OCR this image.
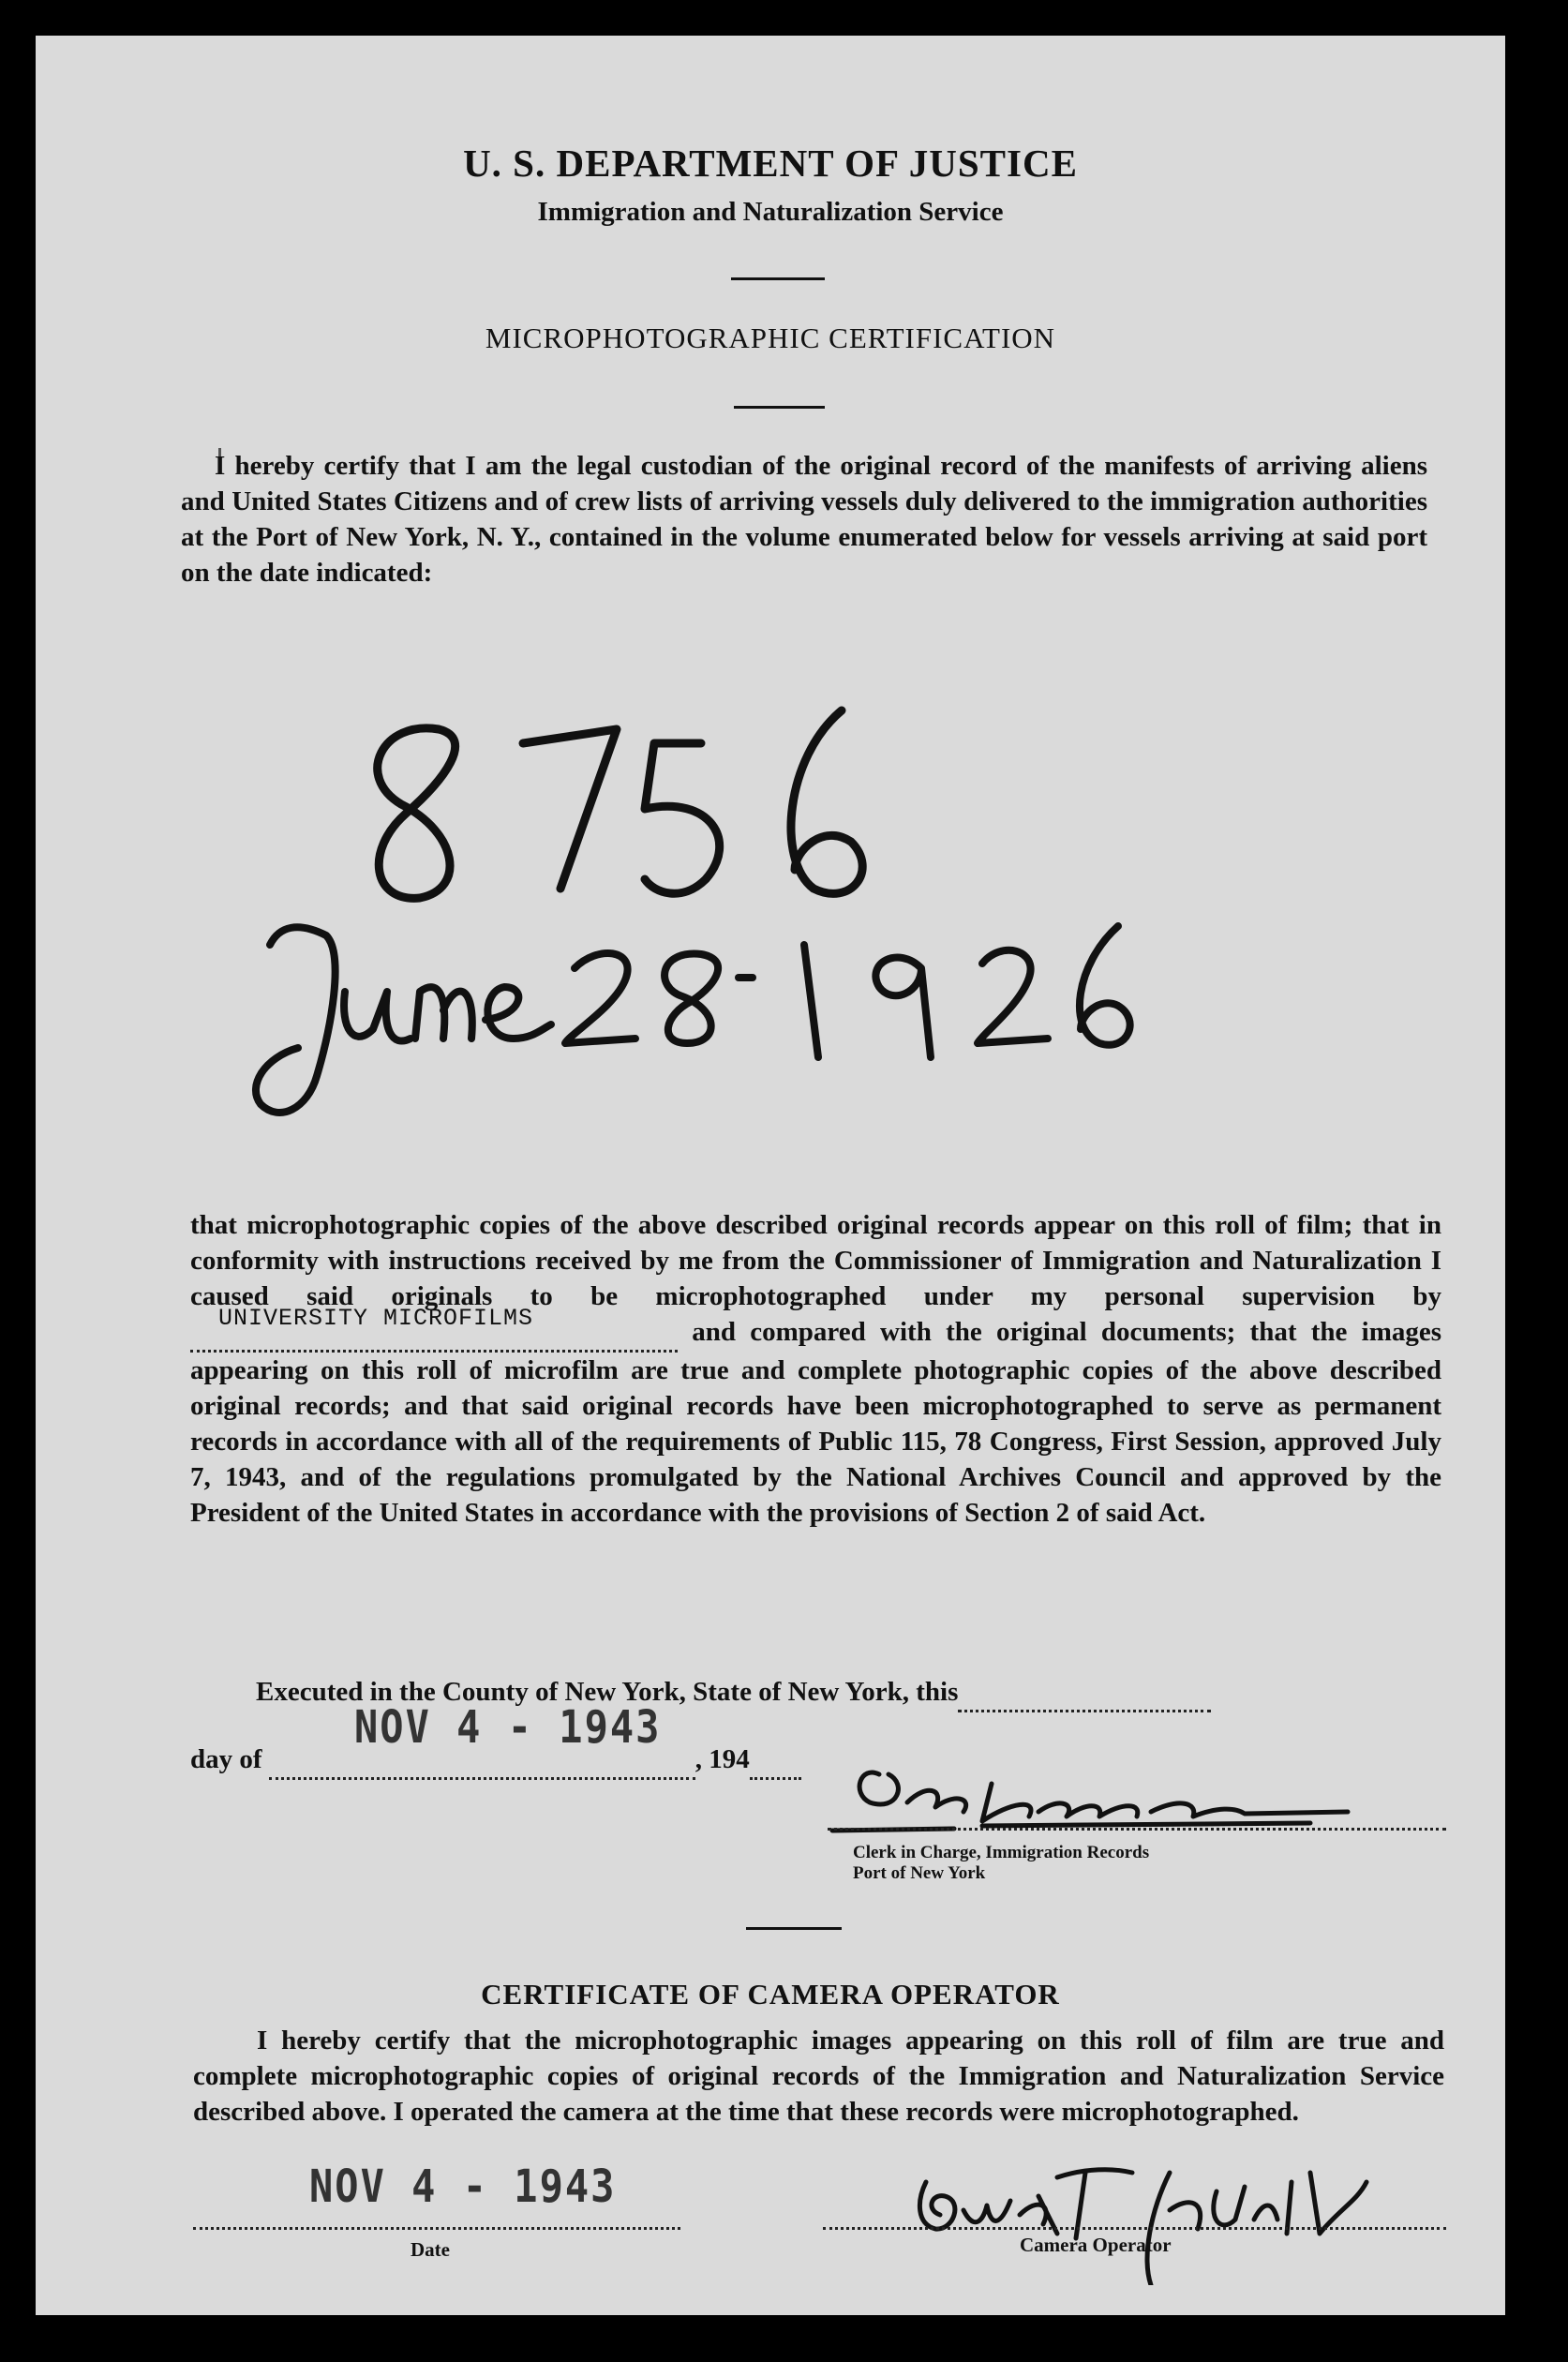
U. S. DEPARTMENT OF JUSTICE
Immigration and Naturalization Service
MICROPHOTOGRAPHIC CERTIFICATION
I hereby certify that I am the legal custodian of the original record of the manifests of arriving aliens and United States Citizens and of crew lists of arriving vessels duly delivered to the immigration authorities at the Port of New York, N. Y., contained in the volume enumerated below for vessels arriving at said port on the date indicated:
that microphotographic copies of the above described original records appear on this roll of film; that in conformity with instructions received by me from the Commissioner of Immigration and Naturalization I caused said originals to be microphotographed under my personal supervision by
UNIVERSITY MICROFILMS	and compared with the original documents; that the images appearing on this roll of microfilm are true and complete photographic copies of the above described original records; and that said original records have been microphotographed to serve as permanent records in accordance with all of the requirements of Public 115, 78 Congress, First Session, approved July 7, 1943, and of the regulations promulgated by the National Archives Council and approved by the President of the United States in accordance with the provisions of Section 2 of said Act.
Executed in the County of New York, State of New York, this
NOV 4 - 1943
day of	, 194
Clerk in Charge, Immigration Records
Port of New York
CERTIFICATE OF CAMERA OPERATOR
I hereby certify that the microphotographic images appearing on this roll of film are true and complete microphotographic copies of original records of the Immigration and Naturalization Service described above. I operated the camera at the time that these records were microphotographed.
NOV 4 - 1943
Date	Camera Operator
